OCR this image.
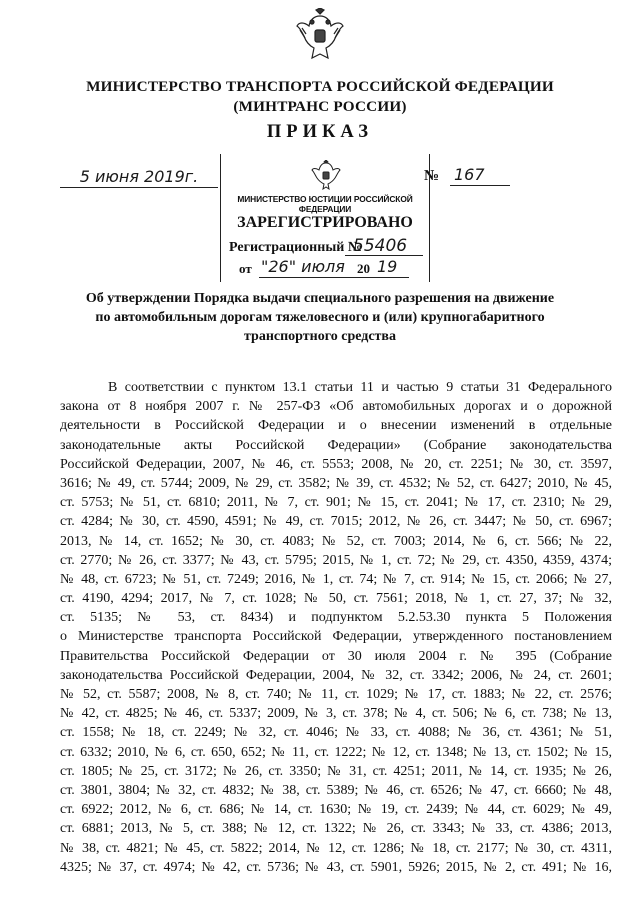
МИНИСТЕРСТВО ТРАНСПОРТА РОССИЙСКОЙ ФЕДЕРАЦИИ
(МИНТРАНС РОССИИ)
ПРИКАЗ
5 июня 2019г.	№ 167
МИНИСТЕРСТВО ЮСТИЦИИ РОССИЙСКОЙ ФЕДЕРАЦИИ
ЗАРЕГИСТРИРОВАНО
Регистрационный №
55406
от "26" июля 20 19
Об утверждении Порядка выдачи специального разрешения на движение
по автомобильным дорогам тяжеловесного и (или) крупногабаритного
транспортного средства
В соответствии с пунктом 13.1 статьи 11 и частью 9 статьи 31 Федерального
закона от 8 ноября 2007 г. № 257-ФЗ «Об автомобильных дорогах и о дорожной
деятельности в Российской Федерации и о внесении изменений в отдельные
законодательные акты Российской Федерации» (Собрание законодательства
Российской Федерации, 2007, № 46, ст. 5553; 2008, № 20, ст. 2251; № 30, ст. 3597,
3616; № 49, ст. 5744; 2009, № 29, ст. 3582; № 39, ст. 4532; № 52, ст. 6427; 2010, № 45,
ст. 5753; № 51, ст. 6810; 2011, № 7, ст. 901; № 15, ст. 2041; № 17, ст. 2310; № 29,
ст. 4284; № 30, ст. 4590, 4591; № 49, ст. 7015; 2012, № 26, ст. 3447; № 50, ст. 6967;
2013, № 14, ст. 1652; № 30, ст. 4083; № 52, ст. 7003; 2014, № 6, ст. 566; № 22,
ст. 2770; № 26, ст. 3377; № 43, ст. 5795; 2015, № 1, ст. 72; № 29, ст. 4350, 4359, 4374;
№ 48, ст. 6723; № 51, ст. 7249; 2016, № 1, ст. 74; № 7, ст. 914; № 15, ст. 2066; № 27,
ст. 4190, 4294; 2017, № 7, ст. 1028; № 50, ст. 7561; 2018, № 1, ст. 27, 37; № 32,
ст. 5135; № 53, ст. 8434) и подпунктом 5.2.53.30 пункта 5 Положения
о Министерстве транспорта Российской Федерации, утвержденного постановлением
Правительства Российской Федерации от 30 июля 2004 г. № 395 (Собрание
законодательства Российской Федерации, 2004, № 32, ст. 3342; 2006, № 24, ст. 2601;
№ 52, ст. 5587; 2008, № 8, ст. 740; № 11, ст. 1029; № 17, ст. 1883; № 22, ст. 2576;
№ 42, ст. 4825; № 46, ст. 5337; 2009, № 3, ст. 378; № 4, ст. 506; № 6, ст. 738; № 13,
ст. 1558; № 18, ст. 2249; № 32, ст. 4046; № 33, ст. 4088; № 36, ст. 4361; № 51,
ст. 6332; 2010, № 6, ст. 650, 652; № 11, ст. 1222; № 12, ст. 1348; № 13, ст. 1502; № 15,
ст. 1805; № 25, ст. 3172; № 26, ст. 3350; № 31, ст. 4251; 2011, № 14, ст. 1935; № 26,
ст. 3801, 3804; № 32, ст. 4832; № 38, ст. 5389; № 46, ст. 6526; № 47, ст. 6660; № 48,
ст. 6922; 2012, № 6, ст. 686; № 14, ст. 1630; № 19, ст. 2439; № 44, ст. 6029; № 49,
ст. 6881; 2013, № 5, ст. 388; № 12, ст. 1322; № 26, ст. 3343; № 33, ст. 4386; 2013,
№ 38, ст. 4821; № 45, ст. 5822; 2014, № 12, ст. 1286; № 18, ст. 2177; № 30, ст. 4311,
4325; № 37, ст. 4974; № 42, ст. 5736; № 43, ст. 5901, 5926; 2015, № 2, ст. 491; № 16,
